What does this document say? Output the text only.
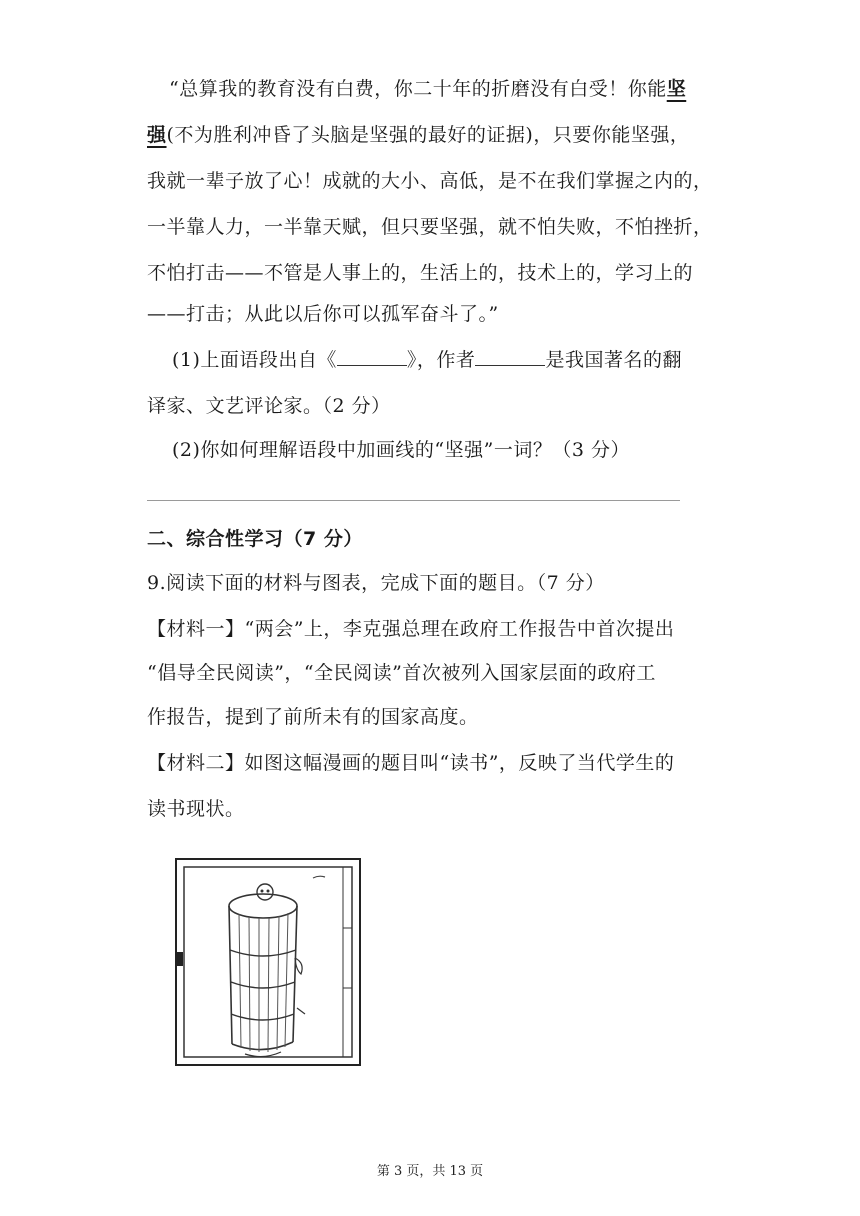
“总算我的教育没有白费，你二十年的折磨没有白受！你能坚
强(不为胜利冲昏了头脑是坚强的最好的证据)，只要你能坚强，
我就一辈子放了心！成就的大小、高低，是不在我们掌握之内的，
一半靠人力，一半靠天赋，但只要坚强，就不怕失败，不怕挫折，
不怕打击——不管是人事上的，生活上的，技术上的，学习上的
——打击；从此以后你可以孤军奋斗了。”
(1)上面语段出自《	》，作者	是我国著名的翻
译家、文艺评论家。（2 分）
(2)你如何理解语段中加画线的“坚强”一词？（3 分）
二、综合性学习（7 分）
9.阅读下面的材料与图表，完成下面的题目。（7 分）
【材料一】“两会”上，李克强总理在政府工作报告中首次提出
“倡导全民阅读”，“全民阅读”首次被列入国家层面的政府工
作报告，提到了前所未有的国家高度。
【材料二】如图这幅漫画的题目叫“读书”，反映了当代学生的
读书现状。
第 3 页，共 13 页
